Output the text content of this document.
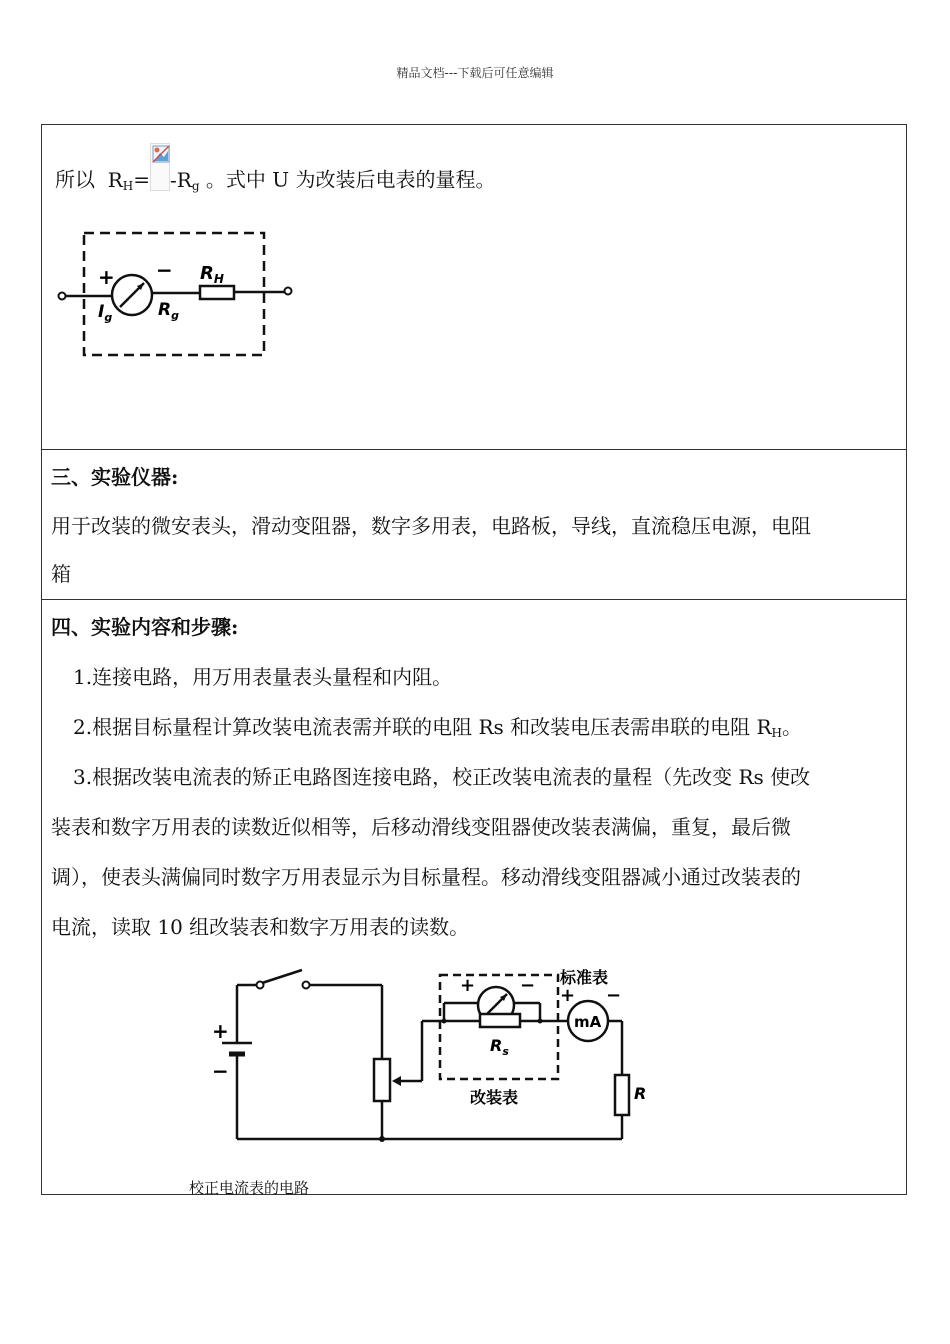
精品文档---下载后可任意编辑
所以 $R_H= -R_g$ 。式中 U 为改装后电表的量程。
+ − $R_H$
$I_g$	$R_g$
三、实验仪器:
用于改装的微安表头，滑动变阻器，数字多用表，电路板，导线，直流稳压电源，电阻
箱
四、实验内容和步骤:
1.连接电路，用万用表量表头量程和内阻。
2.根据目标量程计算改装电流表需并联的电阻 Rs 和改装电压表需串联的电阻 $R_H$。
3.根据改装电流表的矫正电路图连接电路，校正改装电流表的量程（先改变 Rs 使改
装表和数字万用表的读数近似相等，后移动滑线变阻器使改装表满偏，重复，最后微
调），使表头满偏同时数字万用表显示为目标量程。移动滑线变阻器减小通过改装表的
电流，读取 10 组改装表和数字万用表的读数。
+
−
+ −
$R_s$
改装表
mA
标准表
+ −
R
校正电流表的电路
